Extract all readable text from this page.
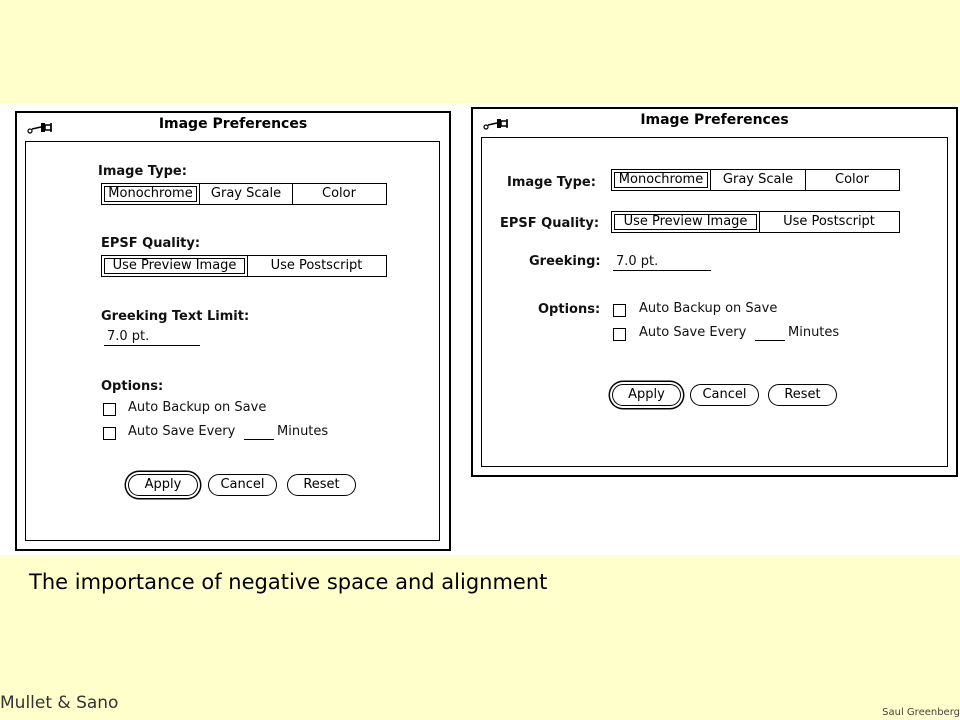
Image Preferences
Image Type:
Monochrome	Gray Scale	Color
EPSF Quality:
Use Preview Image	Use Postscript
Greeking Text Limit:
7.0 pt.
Options:
Auto Backup on Save
Auto Save Every	Minutes
Apply	Cancel	Reset
Image Preferences
Image Type:	Monochrome	Gray Scale	Color
EPSF Quality:	Use Preview Image	Use Postscript
Greeking: 7.0 pt.
Options:	Auto Backup on Save
Auto Save Every	Minutes
Apply	Cancel	Reset
The importance of negative space and alignment
Mullet & Sano	Saul Greenberg
